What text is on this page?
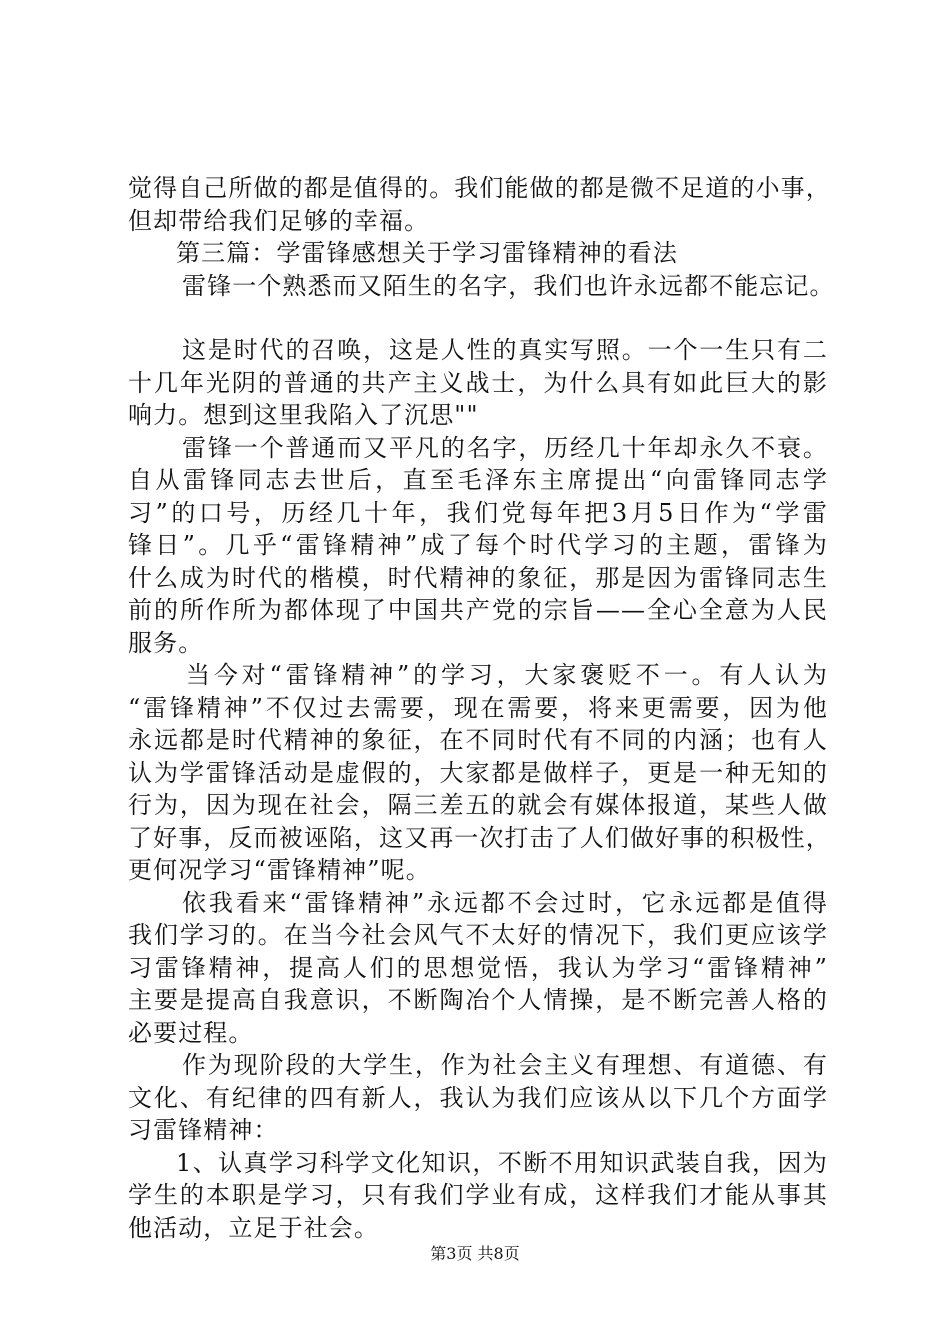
觉得自己所做的都是值得的。我们能做的都是微不足道的小事，
但却带给我们足够的幸福。
第三篇：学雷锋感想关于学习雷锋精神的看法
雷锋一个熟悉而又陌生的名字，我们也许永远都不能忘记。
这是时代的召唤，这是人性的真实写照。一个一生只有二
十几年光阴的普通的共产主义战士，为什么具有如此巨大的影
响力。想到这里我陷入了沉思""
雷锋一个普通而又平凡的名字，历经几十年却永久不衰。
自从雷锋同志去世后，直至毛泽东主席提出“向雷锋同志学
习”的口号，历经几十年，我们党每年把3月5日作为“学雷
锋日”。几乎“雷锋精神”成了每个时代学习的主题，雷锋为
什么成为时代的楷模，时代精神的象征，那是因为雷锋同志生
前的所作所为都体现了中国共产党的宗旨——全心全意为人民
服务。
当今对“雷锋精神”的学习，大家褒贬不一。有人认为
“雷锋精神”不仅过去需要，现在需要，将来更需要，因为他
永远都是时代精神的象征，在不同时代有不同的内涵；也有人
认为学雷锋活动是虚假的，大家都是做样子，更是一种无知的
行为，因为现在社会，隔三差五的就会有媒体报道，某些人做
了好事，反而被诬陷，这又再一次打击了人们做好事的积极性，
更何况学习“雷锋精神”呢。
依我看来“雷锋精神”永远都不会过时，它永远都是值得
我们学习的。在当今社会风气不太好的情况下，我们更应该学
习雷锋精神，提高人们的思想觉悟，我认为学习“雷锋精神”
主要是提高自我意识，不断陶冶个人情操，是不断完善人格的
必要过程。
作为现阶段的大学生，作为社会主义有理想、有道德、有
文化、有纪律的四有新人，我认为我们应该从以下几个方面学
习雷锋精神：
1、认真学习科学文化知识，不断不用知识武装自我，因为
学生的本职是学习，只有我们学业有成，这样我们才能从事其
他活动，立足于社会。
第3页 共8页
